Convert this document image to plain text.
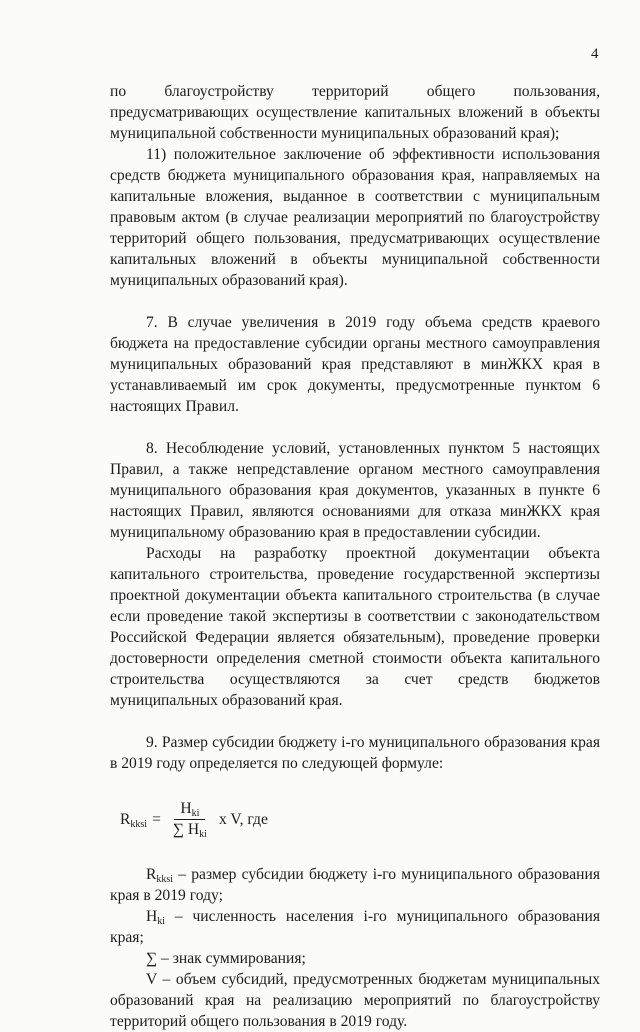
4

по благоустройству территорий общего пользования, предусматривающих осуществление капитальных вложений в объекты муниципальной собственности муниципальных образований края);

11) положительное заключение об эффективности использования средств бюджета муниципального образования края, направляемых на капитальные вложения, выданное в соответствии с муниципальным правовым актом (в случае реализации мероприятий по благоустройству территорий общего пользования, предусматривающих осуществление капитальных вложений в объекты муниципальной собственности муниципальных образований края).

7. В случае увеличения в 2019 году объема средств краевого бюджета на предоставление субсидии органы местного самоуправления муниципальных образований края представляют в минЖКХ края в устанавливаемый им срок документы, предусмотренные пунктом 6 настоящих Правил.

8. Несоблюдение условий, установленных пунктом 5 настоящих Правил, а также непредставление органом местного самоуправления муниципального образования края документов, указанных в пункте 6 настоящих Правил, являются основаниями для отказа минЖКХ края муниципальному образованию края в предоставлении субсидии.

Расходы на разработку проектной документации объекта капитального строительства, проведение государственной экспертизы проектной документации объекта капитального строительства (в случае если проведение такой экспертизы в соответствии с законодательством Российской Федерации является обязательным), проведение проверки достоверности определения сметной стоимости объекта капитального строительства осуществляются за счет средств бюджетов муниципальных образований края.

9. Размер субсидии бюджету i-го муниципального образования края в 2019 году определяется по следующей формуле:

$R_{kksi} = \frac{H_{ki}}{\sum H_{ki}}$ x V, где

$R_{kksi}$ – размер субсидии бюджету i-го муниципального образования края в 2019 году;

$H_{ki}$ – численность населения i-го муниципального образования края;

∑ – знак суммирования;

V – объем субсидий, предусмотренных бюджетам муниципальных образований края на реализацию мероприятий по благоустройству территорий общего пользования в 2019 году.
